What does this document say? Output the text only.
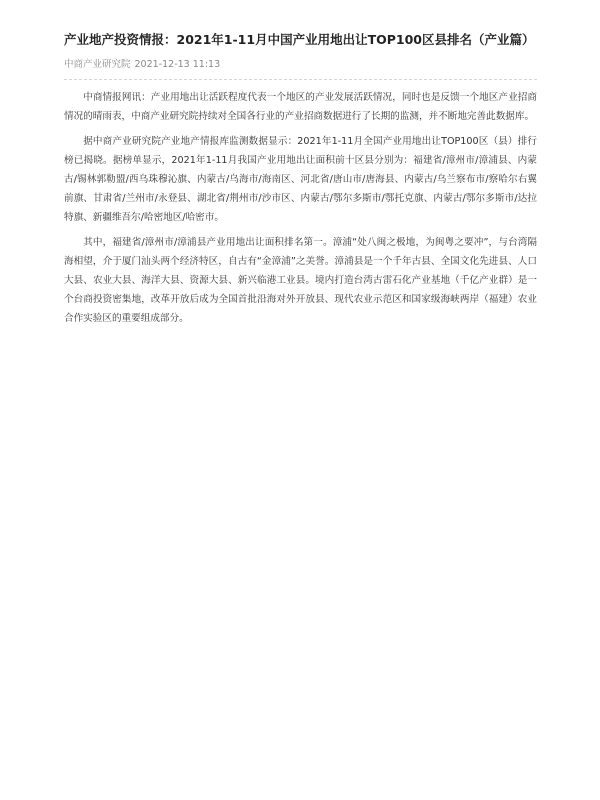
产业地产投资情报：2021年1-11月中国产业用地出让TOP100区县排名（产业篇）
中商产业研究院 2021-12-13 11:13

中商情报网讯：产业用地出让活跃程度代表一个地区的产业发展活跃情况，同时也是反馈一个地区产业招商情况的晴雨表，中商产业研究院持续对全国各行业的产业招商数据进行了长期的监测，并不断地完善此数据库。

据中商产业研究院产业地产情报库监测数据显示：2021年1-11月全国产业用地出让TOP100区（县）排行榜已揭晓。据榜单显示，2021年1-11月我国产业用地出让面积前十区县分别为：福建省/漳州市/漳浦县、内蒙古/锡林郭勒盟/西乌珠穆沁旗、内蒙古/乌海市/海南区、河北省/唐山市/唐海县、内蒙古/乌兰察布市/察哈尔右翼前旗、甘肃省/兰州市/永登县、湖北省/荆州市/沙市区、内蒙古/鄂尔多斯市/鄂托克旗、内蒙古/鄂尔多斯市/达拉特旗、新疆维吾尔/哈密地区/哈密市。

其中，福建省/漳州市/漳浦县产业用地出让面积排名第一。漳浦“处八闽之极地，为闽粤之要冲”，与台湾隔海相望，介于厦门汕头两个经济特区，自古有“金漳浦”之美誉。漳浦县是一个千年古县、全国文化先进县、人口大县、农业大县、海洋大县、资源大县、新兴临港工业县。境内打造台湾古雷石化产业基地（千亿产业群）是一个台商投资密集地，改革开放后成为全国首批沿海对外开放县、现代农业示范区和国家级海峡两岸（福建）农业合作实验区的重要组成部分。
